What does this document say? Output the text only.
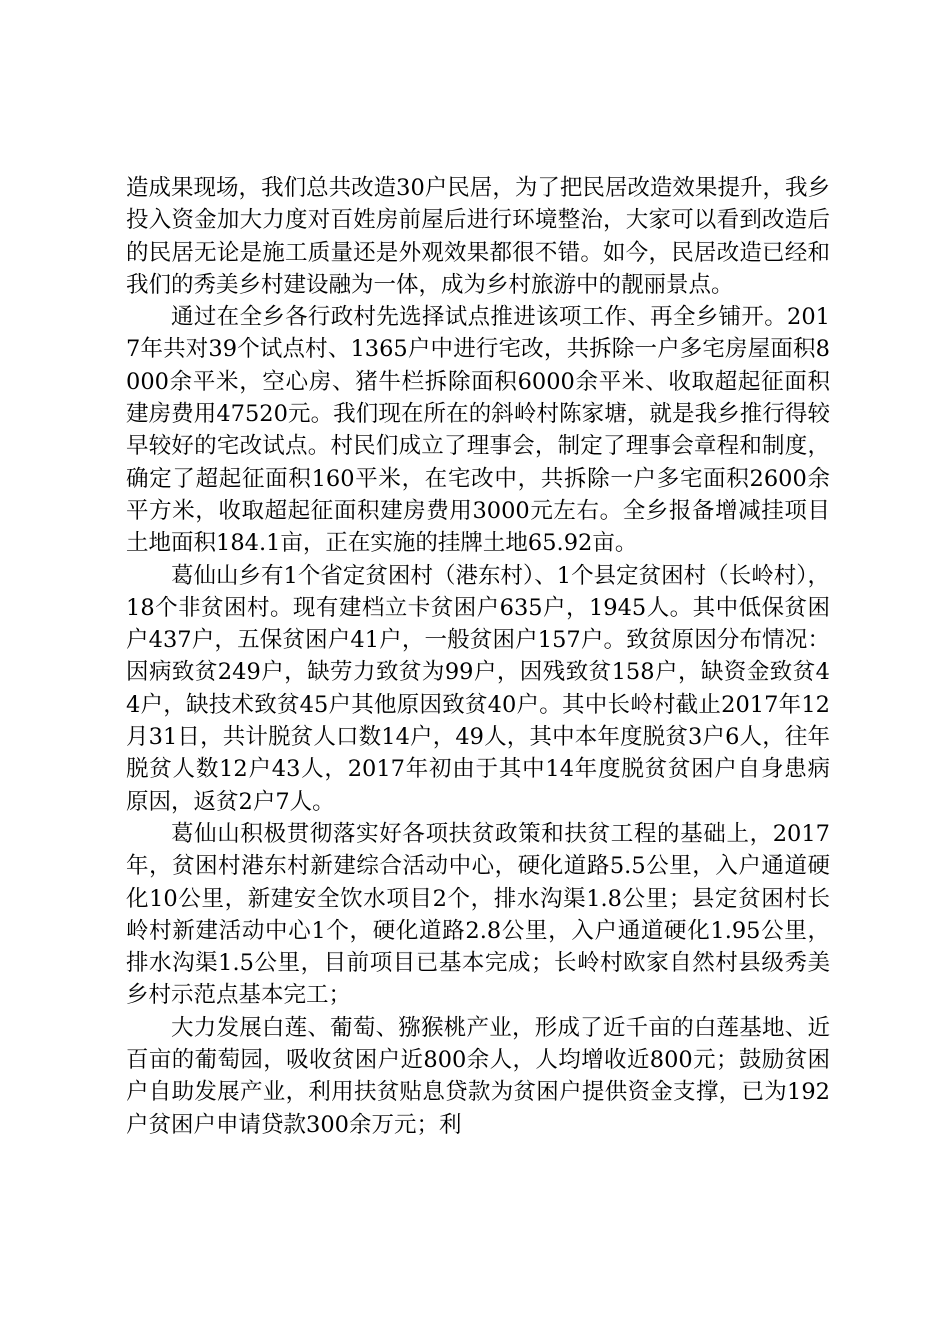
造成果现场，我们总共改造30户民居，为了把民居改造效果提升，我乡投入资金加大力度对百姓房前屋后进行环境整治，大家可以看到改造后的民居无论是施工质量还是外观效果都很不错。如今，民居改造已经和我们的秀美乡村建设融为一体，成为乡村旅游中的靓丽景点。

通过在全乡各行政村先选择试点推进该项工作、再全乡铺开。2017年共对39个试点村、1365户中进行宅改，共拆除一户多宅房屋面积8000余平米，空心房、猪牛栏拆除面积6000余平米、收取超起征面积建房费用47520元。我们现在所在的斜岭村陈家塘，就是我乡推行得较早较好的宅改试点。村民们成立了理事会，制定了理事会章程和制度，确定了超起征面积160平米，在宅改中，共拆除一户多宅面积2600余平方米，收取超起征面积建房费用3000元左右。全乡报备增减挂项目土地面积184.1亩，正在实施的挂牌土地65.92亩。

葛仙山乡有1个省定贫困村（港东村）、1个县定贫困村（长岭村），18个非贫困村。现有建档立卡贫困户635户，1945人。其中低保贫困户437户，五保贫困户41户，一般贫困户157户。致贫原因分布情况：因病致贫249户，缺劳力致贫为99户，因残致贫158户，缺资金致贫44户，缺技术致贫45户其他原因致贫40户。其中长岭村截止2017年12月31日，共计脱贫人口数14户，49人，其中本年度脱贫3户6人，往年脱贫人数12户43人，2017年初由于其中14年度脱贫贫困户自身患病原因，返贫2户7人。

葛仙山积极贯彻落实好各项扶贫政策和扶贫工程的基础上，2017年，贫困村港东村新建综合活动中心，硬化道路5.5公里，入户通道硬化10公里，新建安全饮水项目2个，排水沟渠1.8公里；县定贫困村长岭村新建活动中心1个，硬化道路2.8公里，入户通道硬化1.95公里，排水沟渠1.5公里，目前项目已基本完成；长岭村欧家自然村县级秀美乡村示范点基本完工；

大力发展白莲、葡萄、猕猴桃产业，形成了近千亩的白莲基地、近百亩的葡萄园，吸收贫困户近800余人，人均增收近800元；鼓励贫困户自助发展产业，利用扶贫贴息贷款为贫困户提供资金支撑，已为192户贫困户申请贷款300余万元；利
